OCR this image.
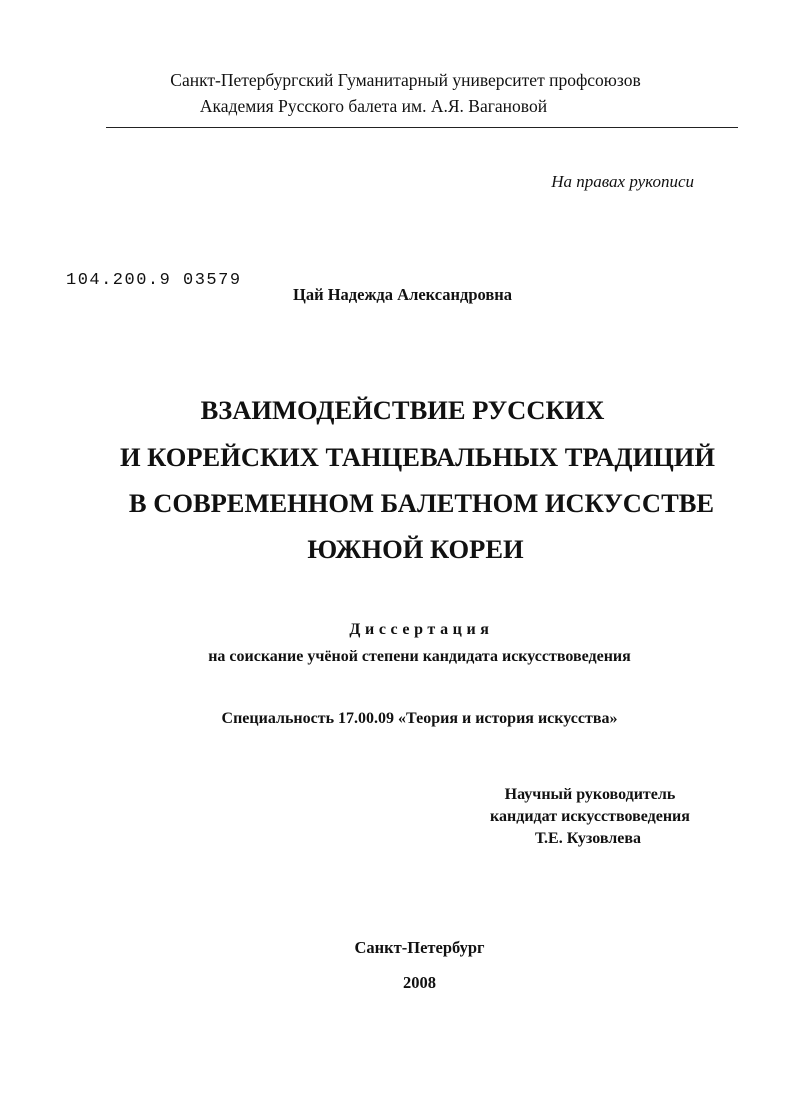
Санкт-Петербургский Гуманитарный университет профсоюзов
Академия Русского балета им. А.Я. Вагановой
На правах рукописи
104.200.9 03579
Цай Надежда Александровна
ВЗАИМОДЕЙСТВИЕ РУССКИХ
И КОРЕЙСКИХ ТАНЦЕВАЛЬНЫХ ТРАДИЦИЙ
В СОВРЕМЕННОМ БАЛЕТНОМ ИСКУССТВЕ
ЮЖНОЙ КОРЕИ
Диссертация
на соискание учёной степени кандидата искусствоведения
Специальность 17.00.09 «Теория и история искусства»
Научный руководитель
кандидат искусствоведения
Т.Е. Кузовлева
Санкт-Петербург
2008
